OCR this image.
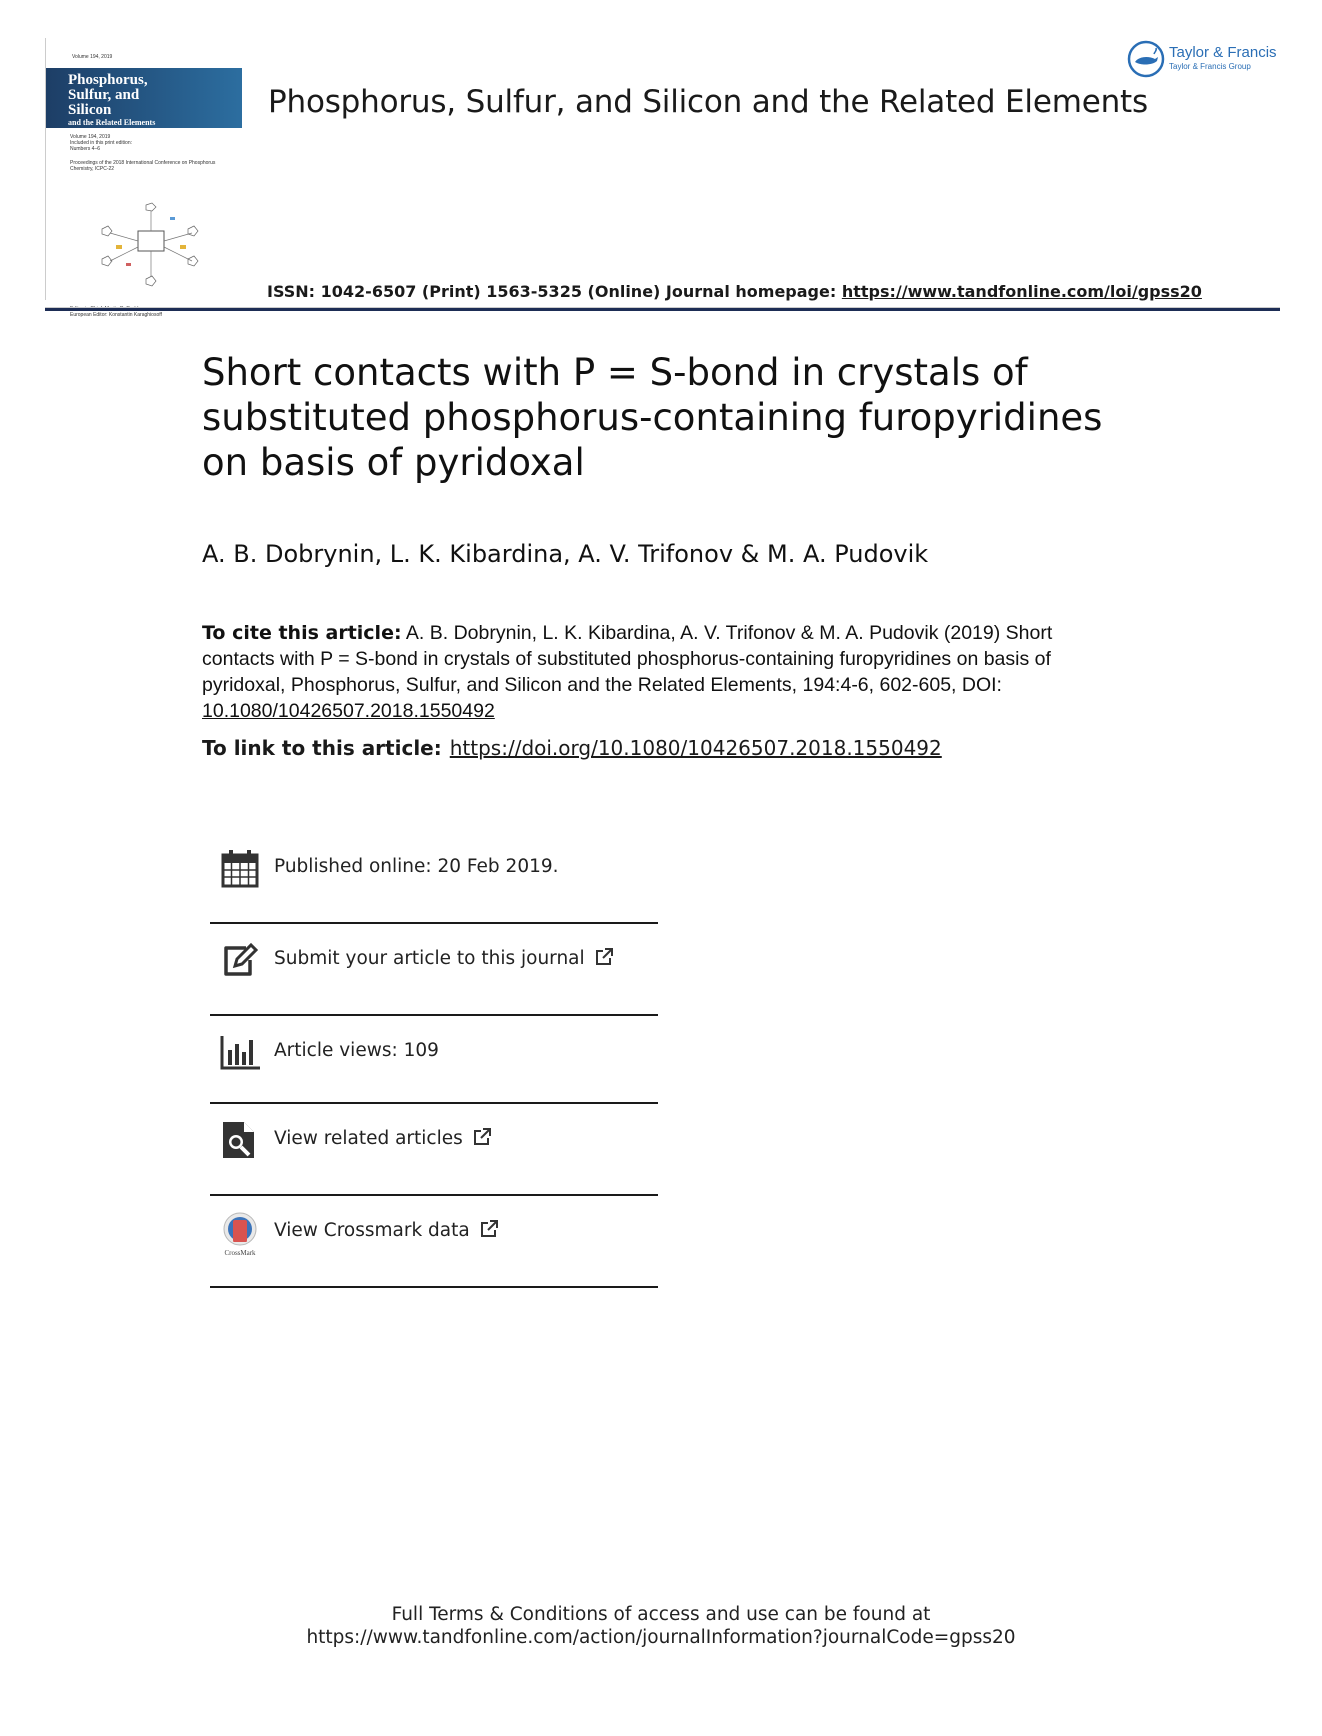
Volume 194, 2019
Phosphorus,
Sulfur, and
Silicon
and the Related Elements
Volume 194, 2019
Included in this print edition:
Numbers 4–6
Proceedings of the 2018 International Conference on Phosphorus Chemistry, ICPC-22
European Editor: Konstantin Karaghiosoff
Phosphorus, Sulfur, and Silicon and the Related Elements
Taylor & Francis
Taylor & Francis Group
ISSN: 1042-6507 (Print) 1563-5325 (Online) Journal homepage: https://www.tandfonline.com/loi/gpss20
Short contacts with P = S-bond in crystals of substituted phosphorus-containing furopyridines on basis of pyridoxal
A. B. Dobrynin, L. K. Kibardina, A. V. Trifonov & M. A. Pudovik
To cite this article: A. B. Dobrynin, L. K. Kibardina, A. V. Trifonov & M. A. Pudovik (2019) Short contacts with P = S-bond in crystals of substituted phosphorus-containing furopyridines on basis of pyridoxal, Phosphorus, Sulfur, and Silicon and the Related Elements, 194:4-6, 602-605, DOI: 10.1080/10426507.2018.1550492
To link to this article: https://doi.org/10.1080/10426507.2018.1550492
Published online: 20 Feb 2019.
Submit your article to this journal
Article views: 109
View related articles
CrossMark
View Crossmark data
Full Terms & Conditions of access and use can be found at
https://www.tandfonline.com/action/journalInformation?journalCode=gpss20
